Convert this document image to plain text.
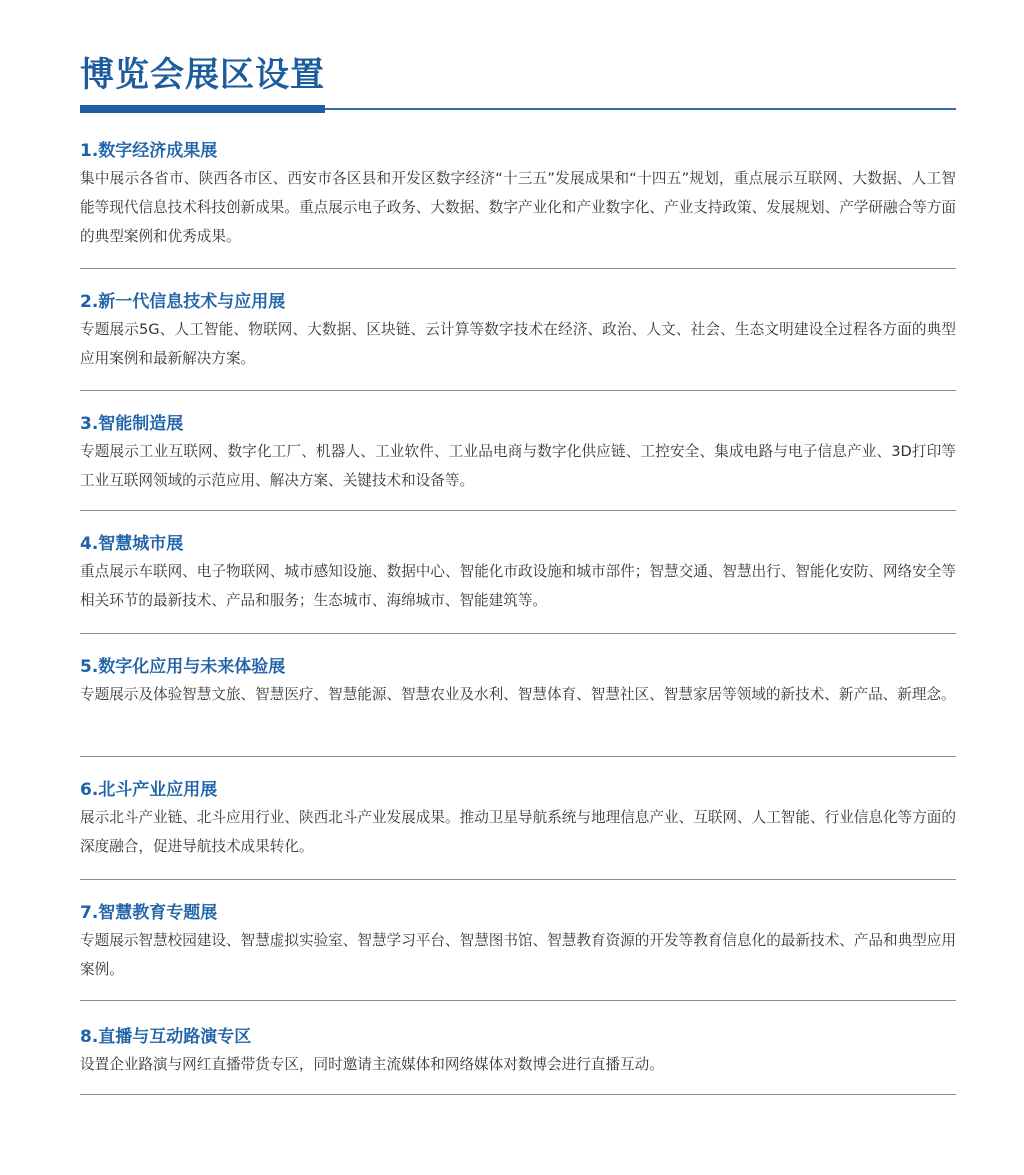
博览会展区设置
1.数字经济成果展

集中展示各省市、陕西各市区、西安市各区县和开发区数字经济“十三五”发展成果和“十四五”规划，重点展示互联网、大数据、人工智能等现代信息技术科技创新成果。重点展示电子政务、大数据、数字产业化和产业数字化、产业支持政策、发展规划、产学研融合等方面的典型案例和优秀成果。

2.新一代信息技术与应用展

专题展示5G、人工智能、物联网、大数据、区块链、云计算等数字技术在经济、政治、人文、社会、生态文明建设全过程各方面的典型应用案例和最新解决方案。

3.智能制造展

专题展示工业互联网、数字化工厂、机器人、工业软件、工业品电商与数字化供应链、工控安全、集成电路与电子信息产业、3D打印等工业互联网领域的示范应用、解决方案、关键技术和设备等。

4.智慧城市展

重点展示车联网、电子物联网、城市感知设施、数据中心、智能化市政设施和城市部件；智慧交通、智慧出行、智能化安防、网络安全等相关环节的最新技术、产品和服务；生态城市、海绵城市、智能建筑等。

5.数字化应用与未来体验展

专题展示及体验智慧文旅、智慧医疗、智慧能源、智慧农业及水利、智慧体育、智慧社区、智慧家居等领域的新技术、新产品、新理念。

6.北斗产业应用展

展示北斗产业链、北斗应用行业、陕西北斗产业发展成果。推动卫星导航系统与地理信息产业、互联网、人工智能、行业信息化等方面的深度融合，促进导航技术成果转化。

7.智慧教育专题展

专题展示智慧校园建设、智慧虚拟实验室、智慧学习平台、智慧图书馆、智慧教育资源的开发等教育信息化的最新技术、产品和典型应用案例。

8.直播与互动路演专区

设置企业路演与网红直播带货专区，同时邀请主流媒体和网络媒体对数博会进行直播互动。
